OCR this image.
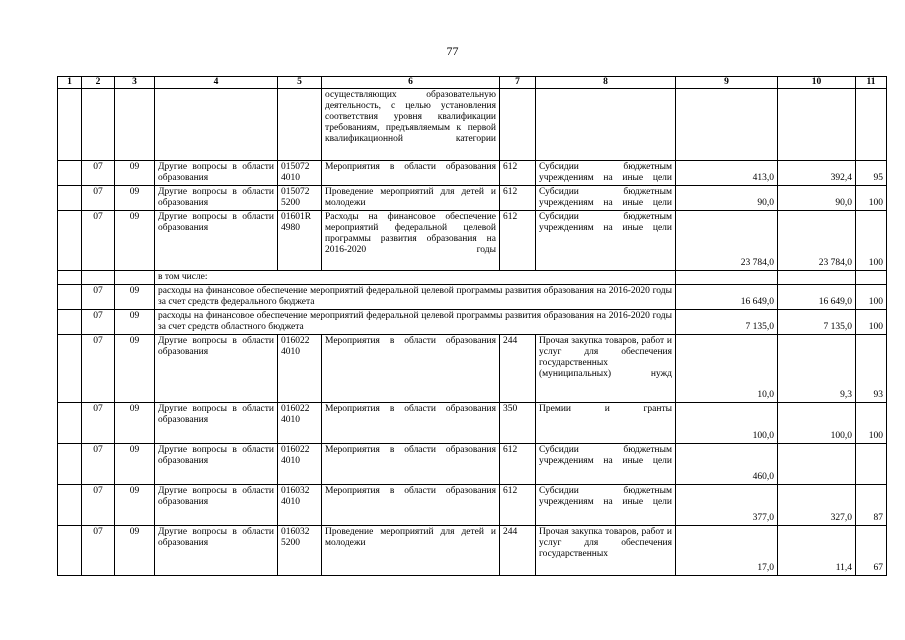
77
1	2	3	4	5	6	7	8	9	10	11
					осуществляющих образовательную деятельность, с целью установления соответствия уровня квалификации требованиям, предъявляемым к первой квалификационной категории					
	07	09	Другие вопросы в области образования	015072 4010	Мероприятия в области образования	612	Субсидии бюджетным учреждениям на иные цели	413,0	392,4	95
	07	09	Другие вопросы в области образования	015072 5200	Проведение мероприятий для детей и молодежи	612	Субсидии бюджетным учреждениям на иные цели	90,0	90,0	100
	07	09	Другие вопросы в области образования	01601R 4980	Расходы на финансовое обеспечение мероприятий федеральной целевой программы развития образования на 2016-2020 годы	612	Субсидии бюджетным учреждениям на иные цели	23 784,0	23 784,0	100
			в том числе:							
	07	09	расходы на финансовое обеспечение мероприятий федеральной целевой программы развития образования на 2016-2020 годы за счет средств федерального бюджета					16 649,0	16 649,0	100
	07	09	расходы на финансовое обеспечение мероприятий федеральной целевой программы развития образования на 2016-2020 годы за счет средств областного бюджета					7 135,0	7 135,0	100
	07	09	Другие вопросы в области образования	016022 4010	Мероприятия в области образования	244	Прочая закупка товаров, работ и услуг для обеспечения государственных (муниципальных) нужд	10,0	9,3	93
	07	09	Другие вопросы в области образования	016022 4010	Мероприятия в области образования	350	Премии и гранты	100,0	100,0	100
	07	09	Другие вопросы в области образования	016022 4010	Мероприятия в области образования	612	Субсидии бюджетным учреждениям на иные цели	460,0		
	07	09	Другие вопросы в области образования	016032 4010	Мероприятия в области образования	612	Субсидии бюджетным учреждениям на иные цели	377,0	327,0	87
	07	09	Другие вопросы в области образования	016032 5200	Проведение мероприятий для детей и молодежи	244	Прочая закупка товаров, работ и услуг для обеспечения государственных	17,0	11,4	67
